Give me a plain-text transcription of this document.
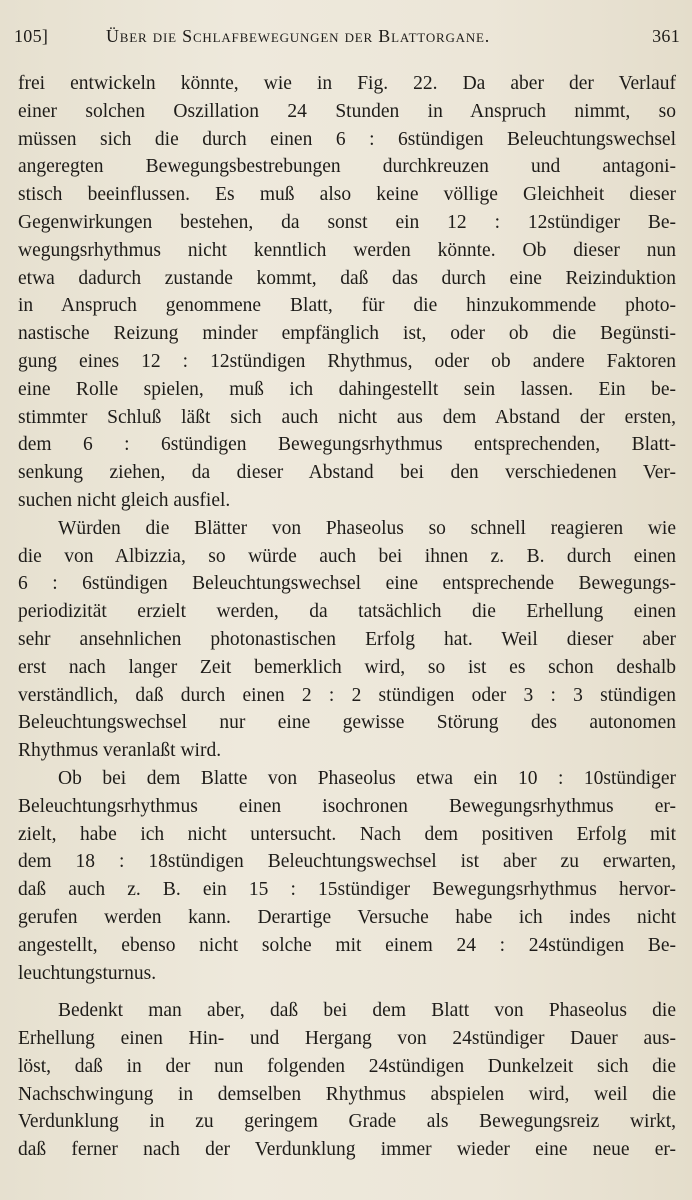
105]	Über die Schlafbewegungen der Blattorgane.	361
frei entwickeln könnte, wie in Fig. 22. Da aber der Verlauf
einer solchen Oszillation 24 Stunden in Anspruch nimmt, so
müssen sich die durch einen 6 : 6stündigen Beleuchtungswechsel
angeregten Bewegungsbestrebungen durchkreuzen und antagoni-
stisch beeinflussen. Es muß also keine völlige Gleichheit dieser
Gegenwirkungen bestehen, da sonst ein 12 : 12stündiger Be-
wegungsrhythmus nicht kenntlich werden könnte. Ob dieser nun
etwa dadurch zustande kommt, daß das durch eine Reizinduktion
in Anspruch genommene Blatt, für die hinzukommende photo-
nastische Reizung minder empfänglich ist, oder ob die Begünsti-
gung eines 12 : 12stündigen Rhythmus, oder ob andere Faktoren
eine Rolle spielen, muß ich dahingestellt sein lassen. Ein be-
stimmter Schluß läßt sich auch nicht aus dem Abstand der ersten,
dem 6 : 6stündigen Bewegungsrhythmus entsprechenden, Blatt-
senkung ziehen, da dieser Abstand bei den verschiedenen Ver-
suchen nicht gleich ausfiel.
Würden die Blätter von Phaseolus so schnell reagieren wie
die von Albizzia, so würde auch bei ihnen z. B. durch einen
6 : 6stündigen Beleuchtungswechsel eine entsprechende Bewegungs-
periodizität erzielt werden, da tatsächlich die Erhellung einen
sehr ansehnlichen photonastischen Erfolg hat. Weil dieser aber
erst nach langer Zeit bemerklich wird, so ist es schon deshalb
verständlich, daß durch einen 2 : 2 stündigen oder 3 : 3 stündigen
Beleuchtungswechsel nur eine gewisse Störung des autonomen
Rhythmus veranlaßt wird.
Ob bei dem Blatte von Phaseolus etwa ein 10 : 10stündiger
Beleuchtungsrhythmus einen isochronen Bewegungsrhythmus er-
zielt, habe ich nicht untersucht. Nach dem positiven Erfolg mit
dem 18 : 18stündigen Beleuchtungswechsel ist aber zu erwarten,
daß auch z. B. ein 15 : 15stündiger Bewegungsrhythmus hervor-
gerufen werden kann. Derartige Versuche habe ich indes nicht
angestellt, ebenso nicht solche mit einem 24 : 24stündigen Be-
leuchtungsturnus.
Bedenkt man aber, daß bei dem Blatt von Phaseolus die
Erhellung einen Hin- und Hergang von 24stündiger Dauer aus-
löst, daß in der nun folgenden 24stündigen Dunkelzeit sich die
Nachschwingung in demselben Rhythmus abspielen wird, weil die
Verdunklung in zu geringem Grade als Bewegungsreiz wirkt,
daß ferner nach der Verdunklung immer wieder eine neue er-
